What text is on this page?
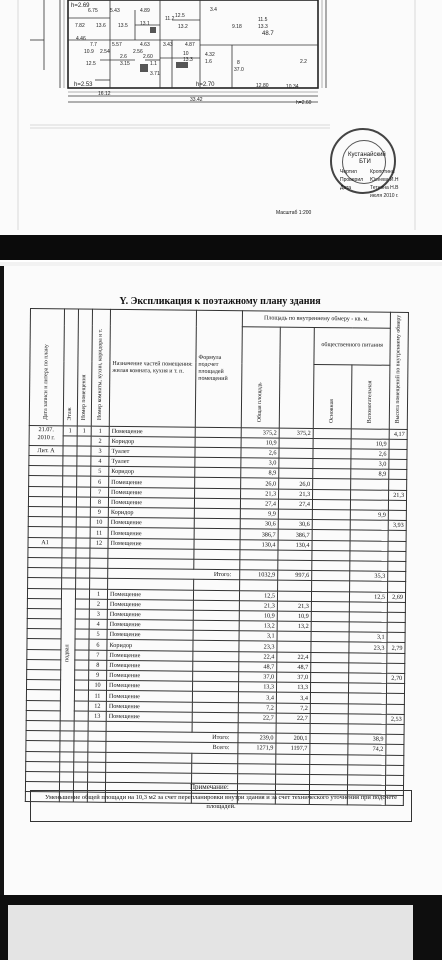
h=2.69
6.75 5.43	4.89
13.6 13.5
7.82	13.1	13.2
11.2 12.5
3.4
9.18
4.46
11.5
13.3
48.7
7.7	5.57	4.63	3.43 4.87
10.9
2.6	2.60
2.54	2.56	4.32
12.5	3.15	1.1
10
1.6
13.3	8
37.0
3.71
12.80
h=2.53	h=2.70
33.42	h=2.60
10.34
16.12
2.2
Кустанайский БТИ
Кропотина
Юсеева И.Н
Тетнина Н.В
июля 2010 г.
Чертил
Проверил
Дата
Масштаб 1:200
Y. Экспликация к поэтажному плану здания
Дата записи и литера по плану	Этаж	Номер помещения	Номер комнаты, кухни, коридора и т.	Назначение частей помещения: жилая комната, кухня и т. п.	Формула подсчет площадей помещений	Площадь по внутреннему обмеру - кв. м.				Высота помещений по внутреннему обмеру
						Общая площадь		общественного питания		
								Основная	Вспомогательная	

21.07.
2010 г.	1	1	1	Помещение		375,2	375,2			4,17
			2	Коридор		10,9			10,9	
Лит. А			3	Туалет		2,6			2,6	
			4	Туалет		3,0			3,0	
			5	Коридор		8,9			8,9	
			6	Помещение		26,0	26,0			
			7	Помещение		21,3	21,3			21,3
			8	Помещение		27,4	27,4			
			9	Коридор		9,9			9,9	
			10	Помещение		30,6	30,6			3,93
			11	Помещение		386,7	386,7			
А1			12	Помещение		130,4	130,4			

				Итого:		1032,9	997,6		35,3	

	подвал		1	Помещение		12,5			12,5	2,69
			2	Помещение		21,3	21,3			
			3	Помещение		10,9	10,9			
			4	Помещение		13,2	13,2			
			5	Помещение		3,1			3,1	
			6	Коридор		23,3			23,3	2,79
			7	Помещение		22,4	22,4			
			8	Помещение		48,7	48,7			
			9	Помещение		37,0	37,0			2,70
			10	Помещение		13,3	13,3			
			11	Помещение		3,4	3,4			
			12	Помещение		7,2	7,2			
			13	Помещение		22,7	22,7			2,53

				Итого:		239,0	200,1		38,9	
				Всего:		1271,9	1197,7		74,2	

Примечание:
Уменьшение общей площади на 10,3 м2 за счет перепланировки внутри здания и за счет технического уточнения при подсчете площадей.
